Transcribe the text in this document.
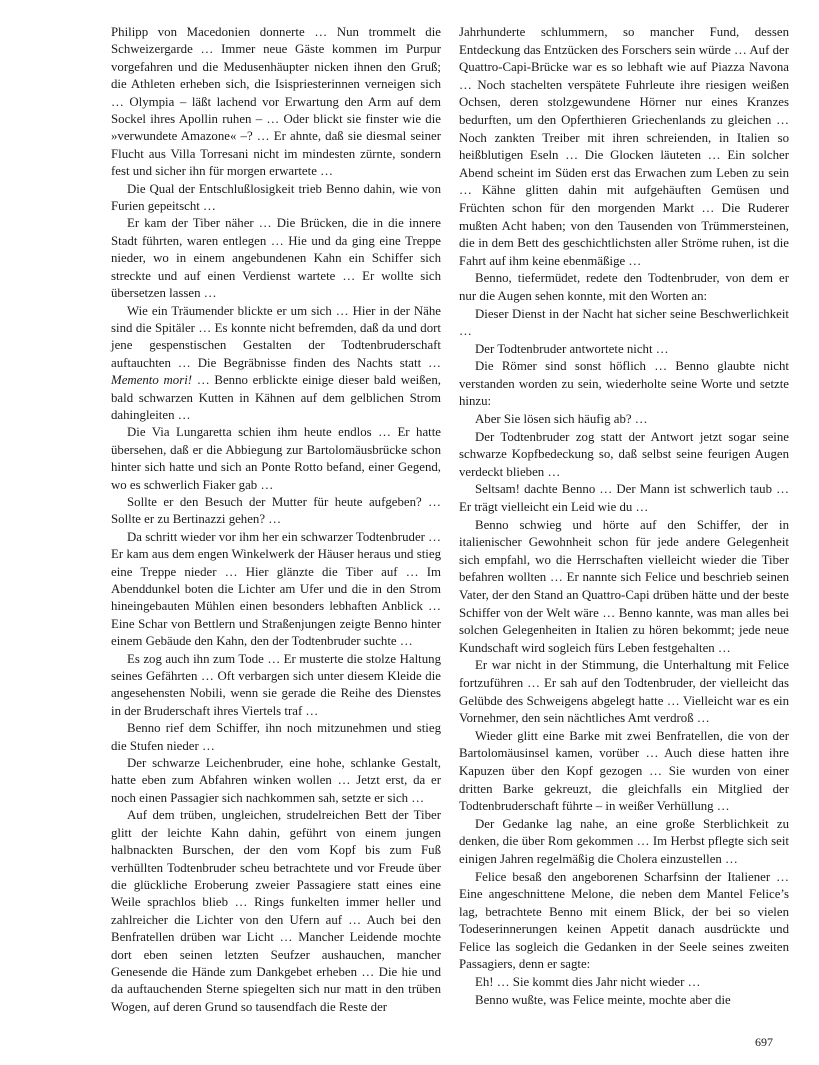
Philipp von Macedonien donnerte … Nun trommelt die Schweizergarde … Immer neue Gäste kommen im Purpur vorgefahren und die Medusenhäupter nicken ihnen den Gruß; die Athleten erheben sich, die Isispriesterinnen verneigen sich … Olympia – läßt lachend vor Erwartung den Arm auf dem Sockel ihres Apollin ruhen – … Oder blickt sie finster wie die »verwundete Amazone« –? … Er ahnte, daß sie diesmal seiner Flucht aus Villa Torresani nicht im mindesten zürnte, sondern fest und sicher ihn für morgen erwartete …

Die Qual der Entschlußlosigkeit trieb Benno dahin, wie von Furien gepeitscht …

Er kam der Tiber näher … Die Brücken, die in die innere Stadt führten, waren entlegen … Hie und da ging eine Treppe nieder, wo in einem angebundenen Kahn ein Schiffer sich streckte und auf einen Verdienst wartete … Er wollte sich übersetzen lassen …

Wie ein Träumender blickte er um sich … Hier in der Nähe sind die Spitäler … Es konnte nicht befremden, daß da und dort jene gespenstischen Gestalten der Todtenbruderschaft auftauchten … Die Begräbnisse finden des Nachts statt … Memento mori! … Benno erblickte einige dieser bald weißen, bald schwarzen Kutten in Kähnen auf dem gelblichen Strom dahingleiten …

Die Via Lungaretta schien ihm heute endlos … Er hatte übersehen, daß er die Abbiegung zur Bartolomäusbrücke schon hinter sich hatte und sich an Ponte Rotto befand, einer Gegend, wo es schwerlich Fiaker gab …

Sollte er den Besuch der Mutter für heute aufgeben? … Sollte er zu Bertinazzi gehen? …

Da schritt wieder vor ihm her ein schwarzer Todtenbruder … Er kam aus dem engen Winkelwerk der Häuser heraus und stieg eine Treppe nieder … Hier glänzte die Tiber auf … Im Abenddunkel boten die Lichter am Ufer und die in den Strom hineingebauten Mühlen einen besonders lebhaften Anblick … Eine Schar von Bettlern und Straßenjungen zeigte Benno hinter einem Gebäude den Kahn, den der Todtenbruder suchte …

Es zog auch ihn zum Tode … Er musterte die stolze Haltung seines Gefährten … Oft verbargen sich unter diesem Kleide die angesehensten Nobili, wenn sie gerade die Reihe des Dienstes in der Bruderschaft ihres Viertels traf …

Benno rief dem Schiffer, ihn noch mitzunehmen und stieg die Stufen nieder …

Der schwarze Leichenbruder, eine hohe, schlanke Gestalt, hatte eben zum Abfahren winken wollen … Jetzt erst, da er noch einen Passagier sich nachkommen sah, setzte er sich …

Auf dem trüben, ungleichen, strudelreichen Bett der Tiber glitt der leichte Kahn dahin, geführt von einem jungen halbnackten Burschen, der den vom Kopf bis zum Fuß verhüllten Todtenbruder scheu betrachtete und vor Freude über die glückliche Eroberung zweier Passagiere statt eines eine Weile sprachlos blieb … Rings funkelten immer heller und zahlreicher die Lichter von den Ufern auf … Auch bei den Benfratellen drüben war Licht … Mancher Leidende mochte dort eben seinen letzten Seufzer aushauchen, mancher Genesende die Hände zum Dankgebet erheben … Die hie und da auftauchenden Sterne spiegelten sich nur matt in den trüben Wogen, auf deren Grund so tausendfach die Reste der

Jahrhunderte schlummern, so mancher Fund, dessen Entdeckung das Entzücken des Forschers sein würde … Auf der Quattro-Capi-Brücke war es so lebhaft wie auf Piazza Navona … Noch stachelten verspätete Fuhrleute ihre riesigen weißen Ochsen, deren stolzgewundene Hörner nur eines Kranzes bedurften, um den Opferthieren Griechenlands zu gleichen … Noch zankten Treiber mit ihren schreienden, in Italien so heißblutigen Eseln … Die Glocken läuteten … Ein solcher Abend scheint im Süden erst das Erwachen zum Leben zu sein … Kähne glitten dahin mit aufgehäuften Gemüsen und Früchten schon für den morgenden Markt … Die Ruderer mußten Acht haben; von den Tausenden von Trümmersteinen, die in dem Bett des geschichtlichsten aller Ströme ruhen, ist die Fahrt auf ihm keine ebenmäßige …

Benno, tiefermüdet, redete den Todtenbruder, von dem er nur die Augen sehen konnte, mit den Worten an:

Dieser Dienst in der Nacht hat sicher seine Beschwerlichkeit …

Der Todtenbruder antwortete nicht …

Die Römer sind sonst höflich … Benno glaubte nicht verstanden worden zu sein, wiederholte seine Worte und setzte hinzu:

Aber Sie lösen sich häufig ab? …

Der Todtenbruder zog statt der Antwort jetzt sogar seine schwarze Kopfbedeckung so, daß selbst seine feurigen Augen verdeckt blieben …

Seltsam! dachte Benno … Der Mann ist schwerlich taub … Er trägt vielleicht ein Leid wie du …

Benno schwieg und hörte auf den Schiffer, der in italienischer Gewohnheit schon für jede andere Gelegenheit sich empfahl, wo die Herrschaften vielleicht wieder die Tiber befahren wollten … Er nannte sich Felice und beschrieb seinen Vater, der den Stand an Quattro-Capi drüben hätte und der beste Schiffer von der Welt wäre … Benno kannte, was man alles bei solchen Gelegenheiten in Italien zu hören bekommt; jede neue Kundschaft wird sogleich fürs Leben festgehalten …

Er war nicht in der Stimmung, die Unterhaltung mit Felice fortzuführen … Er sah auf den Todtenbruder, der vielleicht das Gelübde des Schweigens abgelegt hatte … Vielleicht war es ein Vornehmer, den sein nächtliches Amt verdroß …

Wieder glitt eine Barke mit zwei Benfratellen, die von der Bartolomäusinsel kamen, vorüber … Auch diese hatten ihre Kapuzen über den Kopf gezogen … Sie wurden von einer dritten Barke gekreuzt, die gleichfalls ein Mitglied der Todtenbruderschaft führte – in weißer Verhüllung …

Der Gedanke lag nahe, an eine große Sterblichkeit zu denken, die über Rom gekommen … Im Herbst pflegte sich seit einigen Jahren regelmäßig die Cholera einzustellen …

Felice besaß den angeborenen Scharfsinn der Italiener … Eine angeschnittene Melone, die neben dem Mantel Felice’s lag, betrachtete Benno mit einem Blick, der bei so vielen Todeserinnerungen keinen Appetit danach ausdrückte und Felice las sogleich die Gedanken in der Seele seines zweiten Passagiers, denn er sagte:

Eh! … Sie kommt dies Jahr nicht wieder …

Benno wußte, was Felice meinte, mochte aber die

697
